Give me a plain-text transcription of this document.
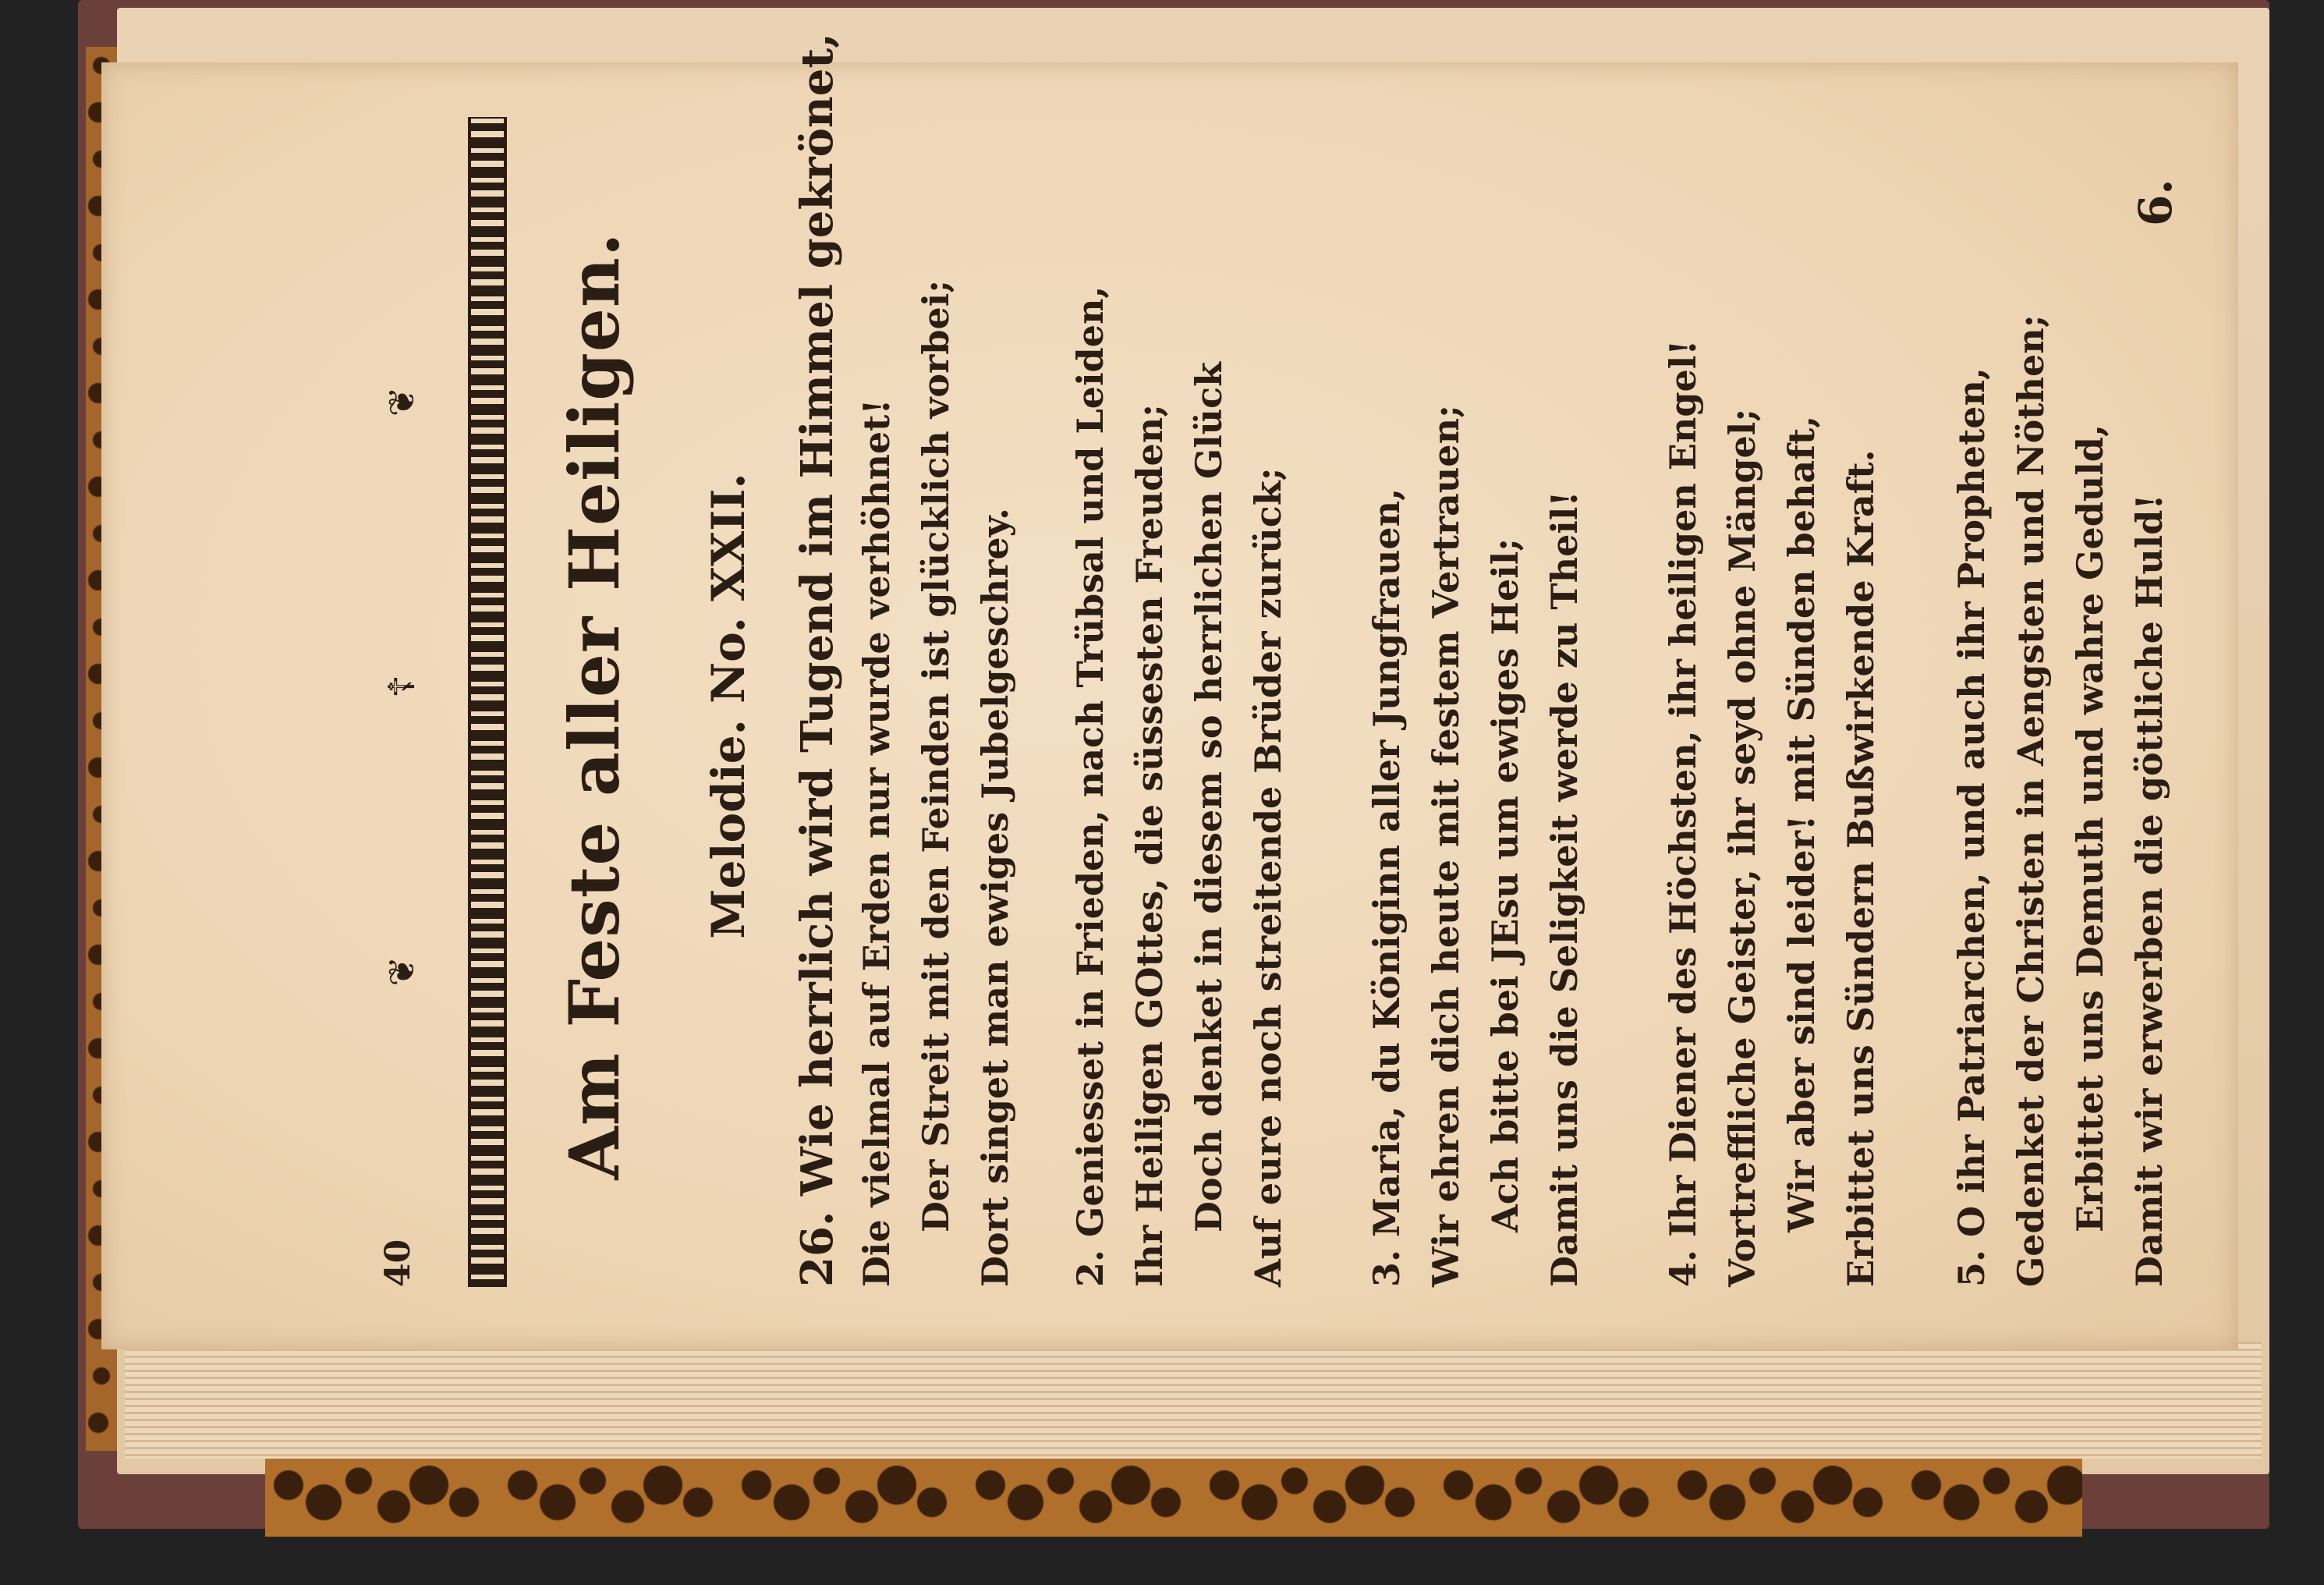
40
❦
☦
❦ Am Feste aller Heiligen. Melodie. No. XXII. 26. Wie herrlich wird Tugend im Himmel gekrönet, Die vielmal auf Erden nur wurde verhöhnet! Der Streit mit den Feinden ist glücklich vorbei; Dort singet man ewiges Jubelgeschrey. 2. Geniesset in Frieden, nach Trübsal und Leiden, Ihr Heiligen GOttes, die süssesten Freuden; Doch denket in diesem so herrlichen Glück Auf eure noch streitende Brüder zurück; 3. Maria, du Königinn aller Jungfrauen, Wir ehren dich heute mit festem Vertrauen; Ach bitte bei JEsu um ewiges Heil; Damit uns die Seligkeit werde zu Theil! 4. Ihr Diener des Höchsten, ihr heiligen Engel! Vortreffliche Geister, ihr seyd ohne Mängel; Wir aber sind leider! mit Sünden behaft, Erbittet uns Sündern Bußwirkende Kraft. 5. O ihr Patriarchen, und auch ihr Propheten, Gedenket der Christen in Aengsten und Nöthen; Erbittet uns Demuth und wahre Geduld, Damit wir erwerben die göttliche Huld!
6.
